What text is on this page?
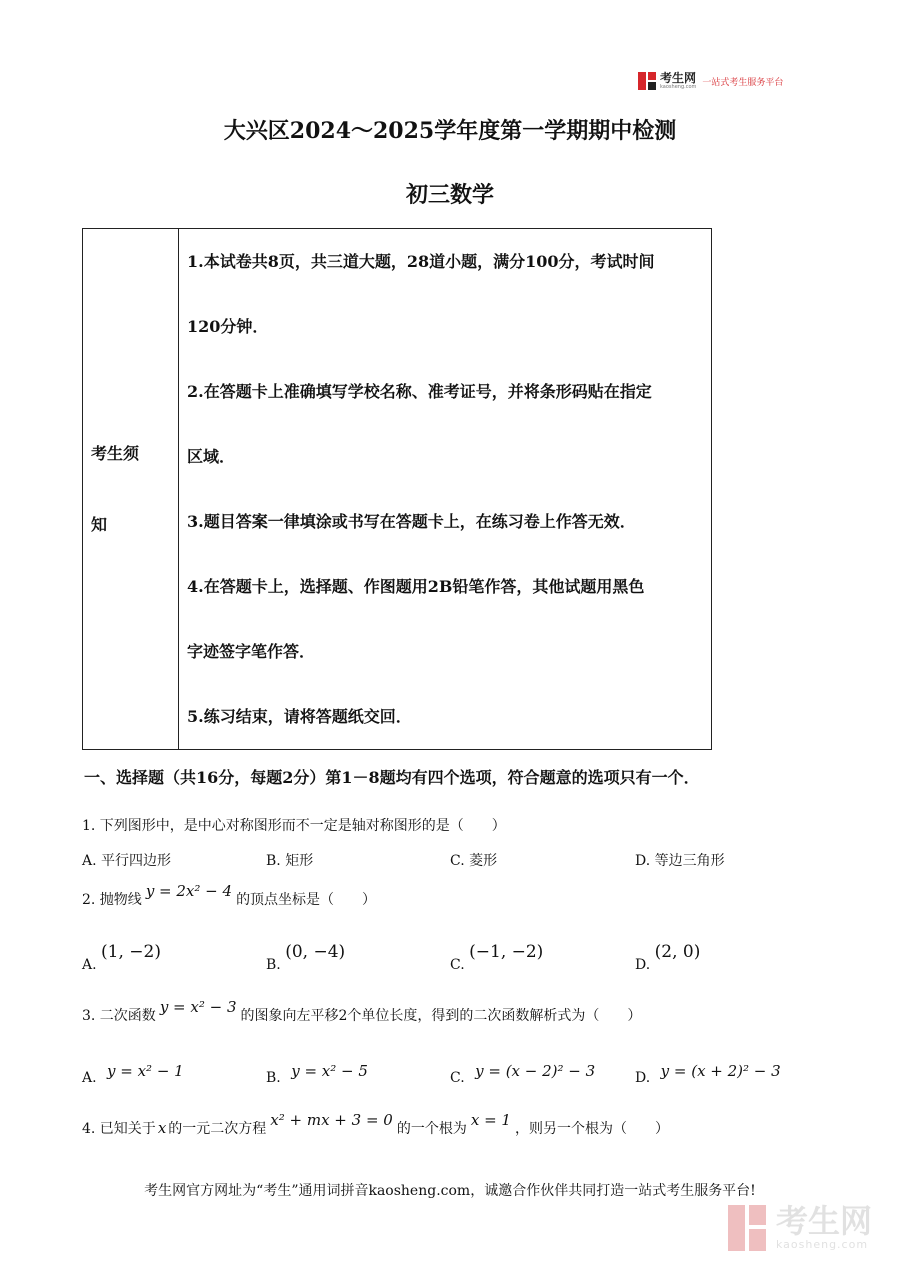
考生网
kaosheng.com 一站式考生服务平台
大兴区2024～2025学年度第一学期期中检测
初三数学
考生须
知

1.本试卷共8页，共三道大题，28道小题，满分100分，考试时间

120分钟．

2.在答题卡上准确填写学校名称、准考证号，并将条形码贴在指定

区域．

3.题目答案一律填涂或书写在答题卡上，在练习卷上作答无效．

4.在答题卡上，选择题、作图题用2B铅笔作答，其他试题用黑色

字迹签字笔作答．

5.练习结束，请将答题纸交回．

一、选择题（共16分，每题2分）第1－8题均有四个选项，符合题意的选项只有一个．
1. 下列图形中，是中心对称图形而不一定是轴对称图形的是（　　）
A. 平行四边形	B. 矩形	C. 菱形	D. 等边三角形
2. 抛物线 y = 2x² − 4 的顶点坐标是（　　）
A. (1, −2)
B. (0, −4)
C. (−1, −2)
D. (2, 0)
3. 二次函数 y = x² − 3 的图象向左平移2个单位长度，得到的二次函数解析式为（　　）
A. y = x² − 1	B. y = x² − 5	C. y = (x − 2)² − 3	D. y = (x + 2)² − 3
4. 已知关于 x 的一元二次方程 x² + mx + 3 = 0 的一个根为 x = 1 ，则另一个根为（　　）
考生网官方网址为“考生”通用词拼音kaosheng.com，诚邀合作伙伴共同打造一站式考生服务平台!
考生网
kaosheng.com
